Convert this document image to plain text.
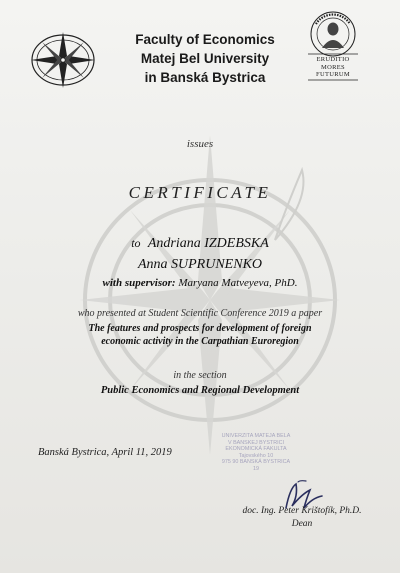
Faculty of Economics
Matej Bel University
in Banská Bystrica
ERUDITIO
MORES
FUTURUM
issues
CERTIFICATE
to Andriana IZDEBSKA
Anna SUPRUNENKO
with supervisor: Maryana Matveyeva, PhD.
who presented at Student Scientific Conference 2019 a paper
The features and prospects for development of foreign
economic activity in the Carpathian Euroregion
in the section
Public Economics and Regional Development
Banská Bystrica, April 11, 2019
UNIVERZITA MATEJA BELA
V BANSKEJ BYSTRICI
EKONOMICKÁ FAKULTA
Tajovského 10
975 90 BANSKÁ BYSTRICA
19
doc. Ing. Peter Krištofík, Ph.D.
Dean
